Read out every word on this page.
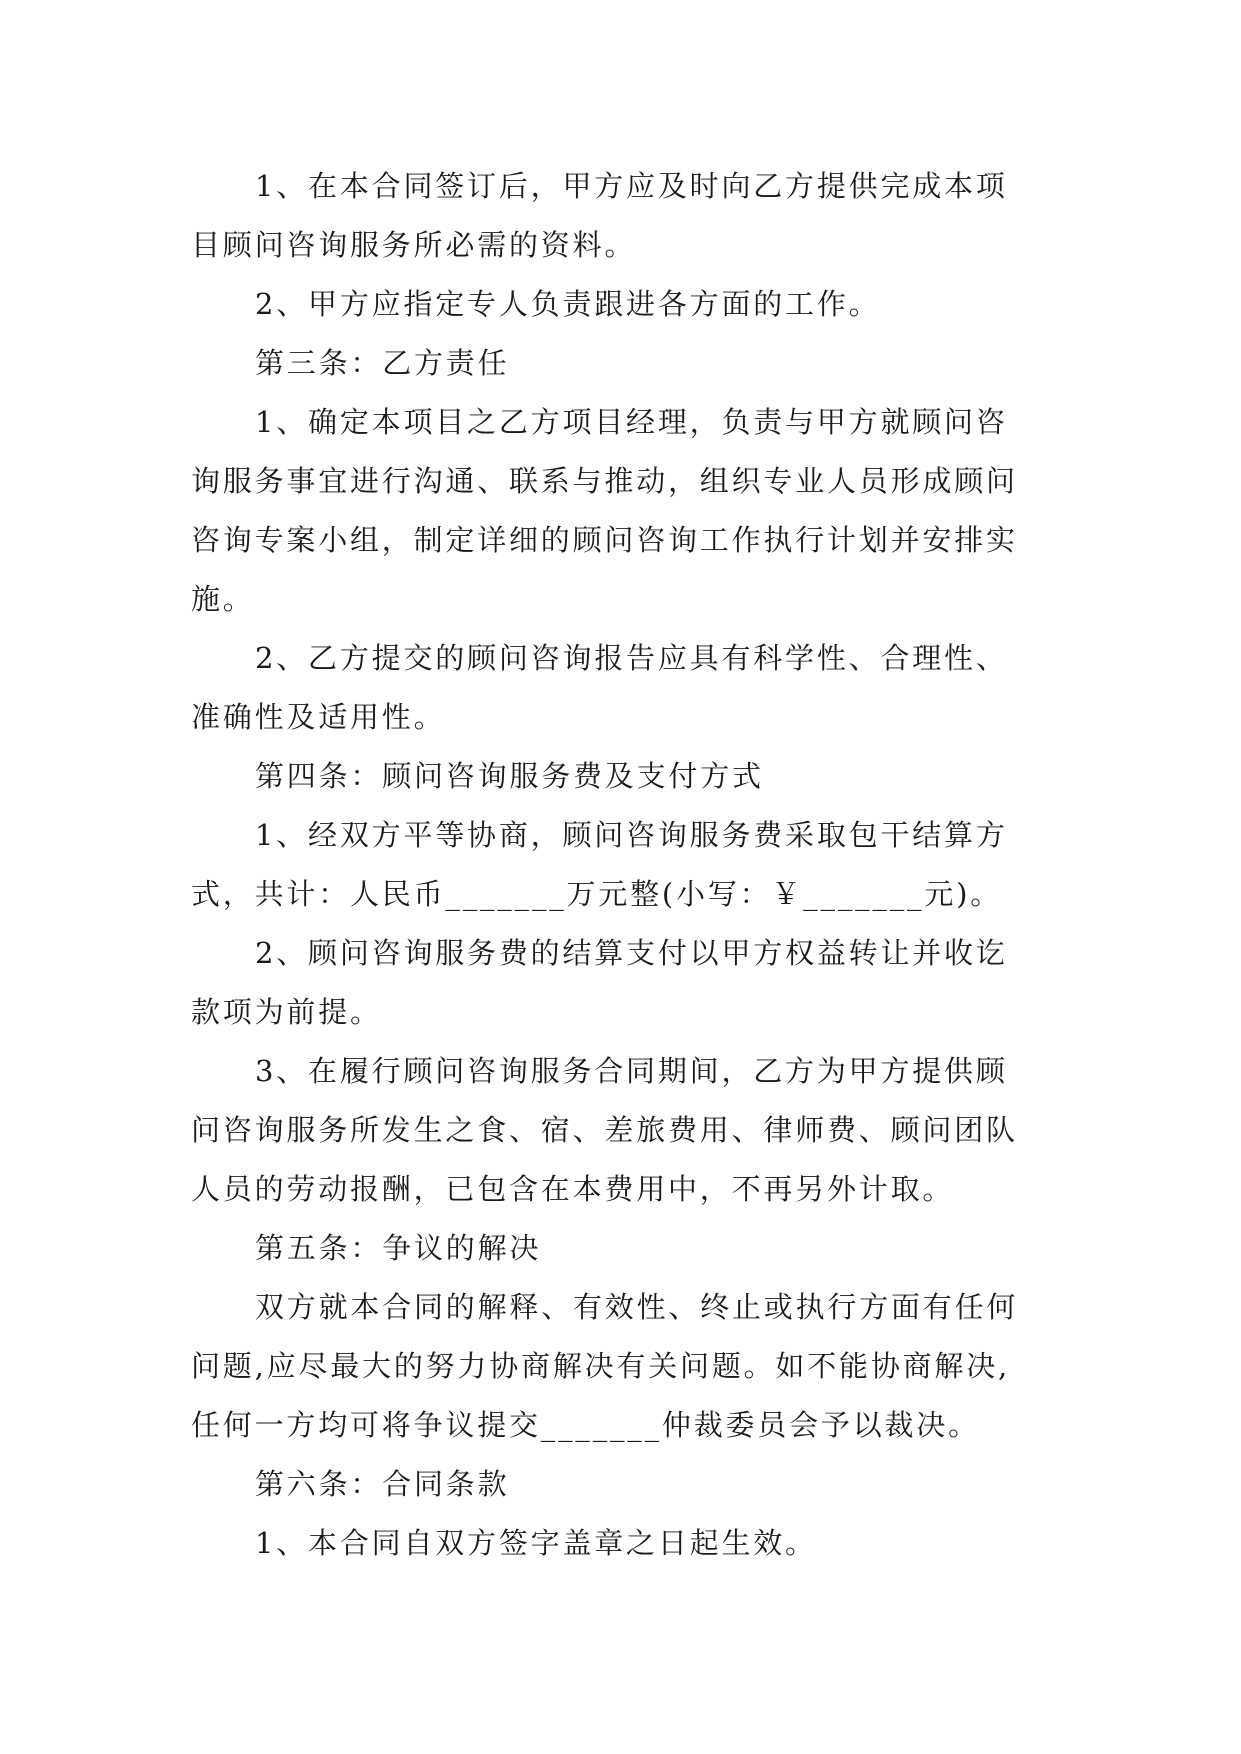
1、在本合同签订后，甲方应及时向乙方提供完成本项
目顾问咨询服务所必需的资料。
2、甲方应指定专人负责跟进各方面的工作。
第三条：乙方责任
1、确定本项目之乙方项目经理，负责与甲方就顾问咨
询服务事宜进行沟通、联系与推动，组织专业人员形成顾问
咨询专案小组，制定详细的顾问咨询工作执行计划并安排实
施。
2、乙方提交的顾问咨询报告应具有科学性、合理性、
准确性及适用性。
第四条：顾问咨询服务费及支付方式
1、经双方平等协商，顾问咨询服务费采取包干结算方
式，共计：人民币_______万元整(小写：￥_______元)。
2、顾问咨询服务费的结算支付以甲方权益转让并收讫
款项为前提。
3、在履行顾问咨询服务合同期间，乙方为甲方提供顾
问咨询服务所发生之食、宿、差旅费用、律师费、顾问团队
人员的劳动报酬，已包含在本费用中，不再另外计取。
第五条：争议的解决
双方就本合同的解释、有效性、终止或执行方面有任何
问题,应尽最大的努力协商解决有关问题。如不能协商解决,
任何一方均可将争议提交_______仲裁委员会予以裁决。
第六条：合同条款
1、本合同自双方签字盖章之日起生效。
